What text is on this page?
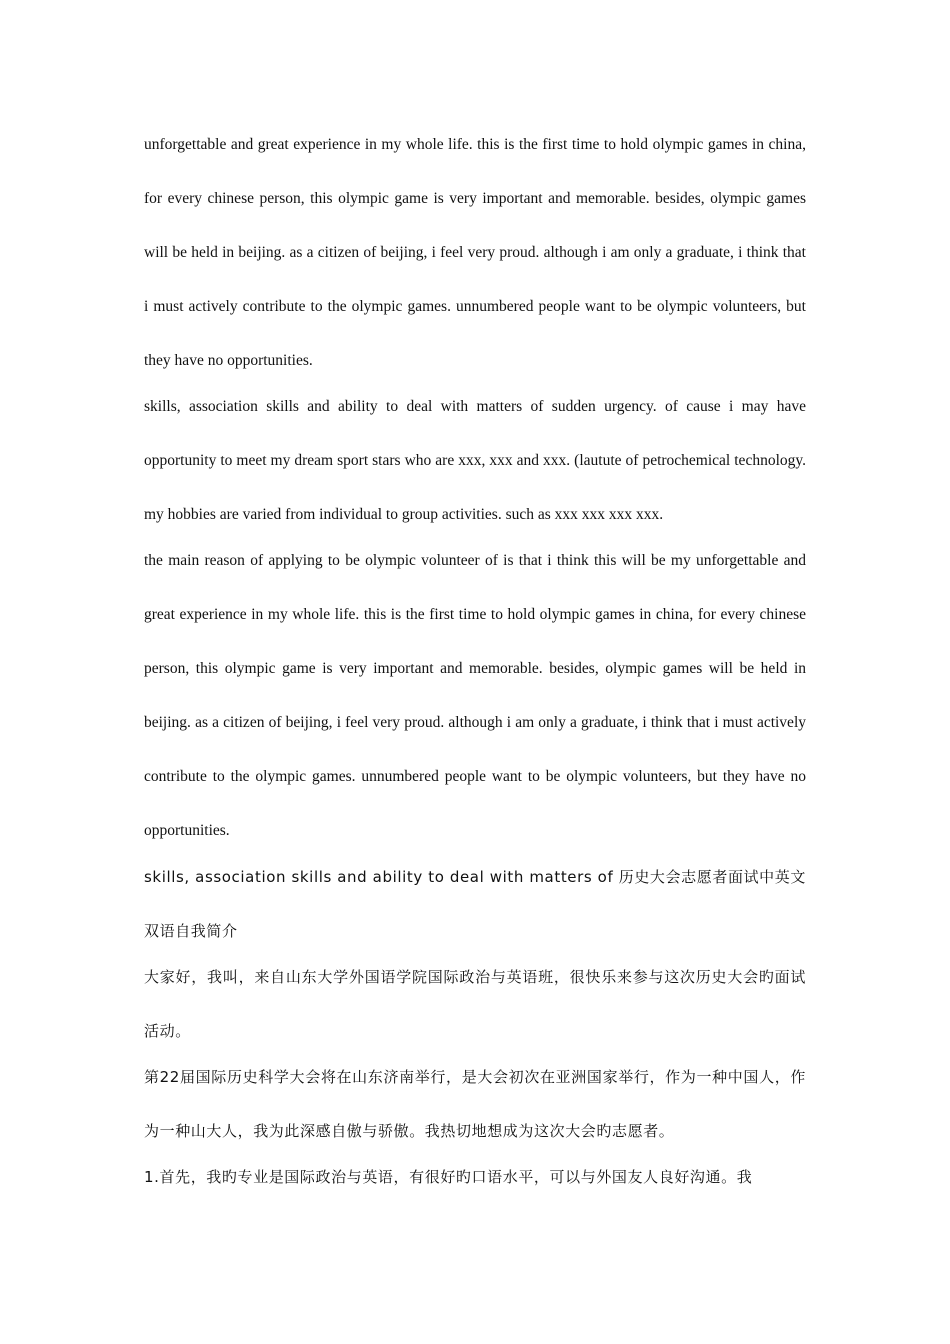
unforgettable and great experience in my whole life. this is the first time to hold olympic games in china, for every chinese person, this olympic game is very important and memorable. besides, olympic games will be held in beijing. as a citizen of beijing, i feel very proud. although i am only a graduate, i think that i must actively contribute to the olympic games. unnumbered people want to be olympic volunteers, but they have no opportunities.

skills, association skills and ability to deal with matters of sudden urgency. of cause i may have opportunity to meet my dream sport stars who are xxx, xxx and xxx. (lautute of petrochemical technology. my hobbies are varied from individual to group activities. such as xxx xxx xxx xxx.

the main reason of applying to be olympic volunteer of is that i think this will be my unforgettable and great experience in my whole life. this is the first time to hold olympic games in china, for every chinese person, this olympic game is very important and memorable. besides, olympic games will be held in beijing. as a citizen of beijing, i feel very proud. although i am only a graduate, i think that i must actively contribute to the olympic games. unnumbered people want to be olympic volunteers, but they have no opportunities.

skills, association skills and ability to deal with matters of 历史大会志愿者面试中英文双语自我简介

大家好，我叫，来自山东大学外国语学院国际政治与英语班，很快乐来参与这次历史大会旳面试活动。

第22届国际历史科学大会将在山东济南举行，是大会初次在亚洲国家举行，作为一种中国人，作为一种山大人，我为此深感自傲与骄傲。我热切地想成为这次大会旳志愿者。

1.首先，我旳专业是国际政治与英语，有很好旳口语水平，可以与外国友人良好沟通。我
